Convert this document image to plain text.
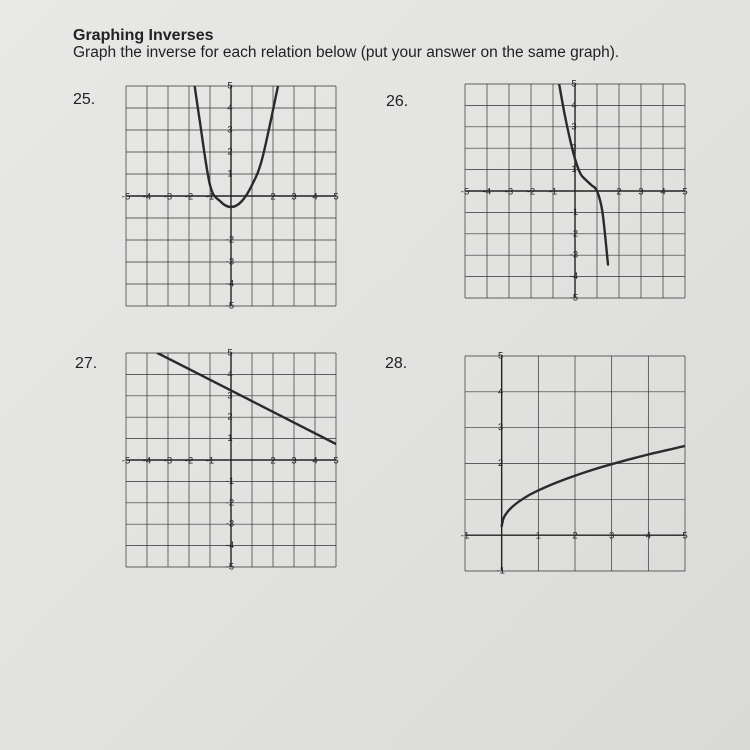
Graphing Inverses

Graph the inverse for each relation below (put your answer on the same graph).

25.	26.
27.	28.
-5 -4 -3 -2 -1	2 3 4 5
5
4
3
2
1
-2
-3
-4
-5
-5 -4 -3 -2 -1	2 3 4 5
5
4
3
2
1
-1
-2
-3
-4
-5
-5 -4 -3 -2 -1	2 3 4 5
5
4
3
2
1
-1
-2
-3
-4
-5
-1	1	2	3	4	5
5
4
3
2
-1
